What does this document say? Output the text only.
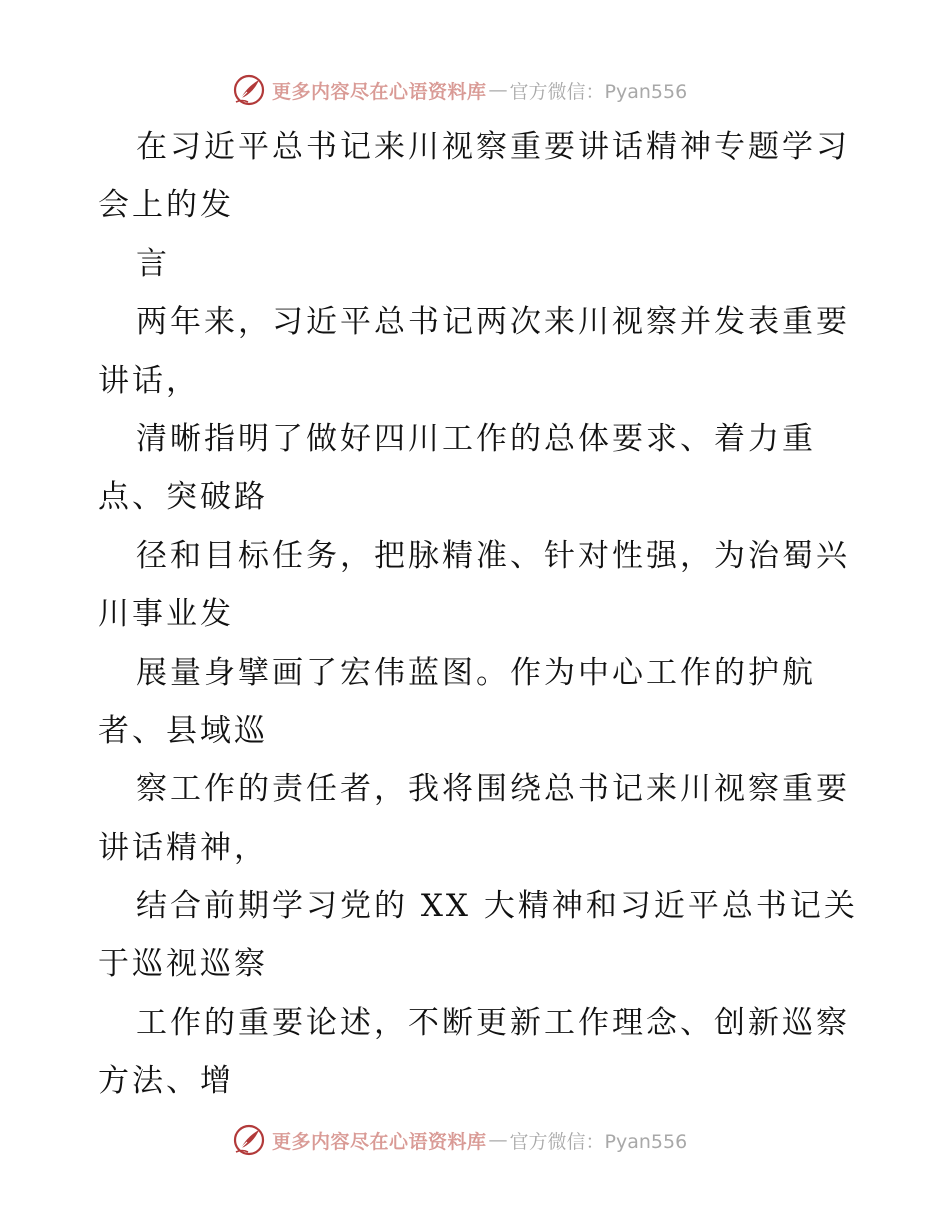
更多内容尽在心语资料库 — 官方微信：Pyan556
在习近平总书记来川视察重要讲话精神专题学习
会上的发
言
两年来，习近平总书记两次来川视察并发表重要
讲话，
清晰指明了做好四川工作的总体要求、着力重
点、突破路
径和目标任务，把脉精准、针对性强，为治蜀兴
川事业发
展量身擘画了宏伟蓝图。作为中心工作的护航
者、县域巡
察工作的责任者，我将围绕总书记来川视察重要
讲话精神，
结合前期学习党的 XX 大精神和习近平总书记关
于巡视巡察
工作的重要论述，不断更新工作理念、创新巡察
方法、增
更多内容尽在心语资料库 — 官方微信：Pyan556
